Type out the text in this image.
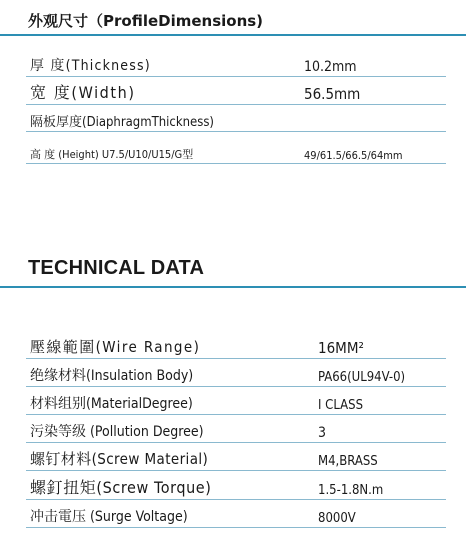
外观尺寸（ProfileDimensions)
厚 度(Thickness)	10.2mm
宽 度(Width)	56.5mm
隔板厚度(DiaphragmThickness)
高 度 (Height) U7.5/U10/U15/G型	49/61.5/66.5/64mm
TECHNICAL DATA
壓線範圍(Wire Range)	16MM²
绝缘材料(Insulation Body)	PA66(UL94V-0)
材料组别(MaterialDegree)	I CLASS
污染等级 (Pollution Degree)	3
螺钉材料(Screw Material)	M4,BRASS
螺釘扭矩(Screw Torque)	1.5-1.8N.m
冲击電压 (Surge Voltage)	8000V
